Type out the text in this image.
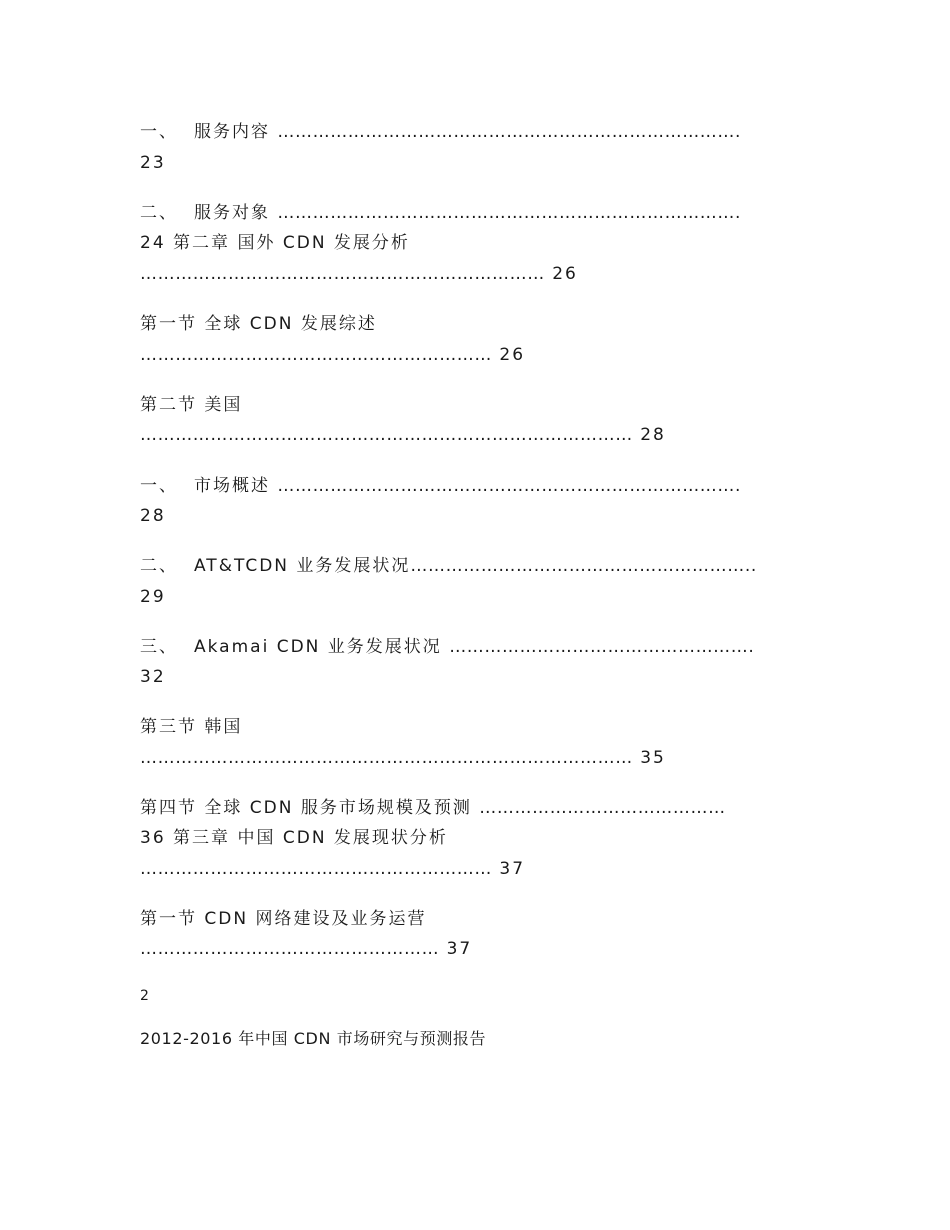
一、 服务内容 …………………………………………………………………….
23
二、 服务对象 …………………………………………………………………….
24 第二章 国外 CDN 发展分析
…………………………………………………………… 26
第一节 全球 CDN 发展综述
…………………………………………………… 26
第二节 美国
………………………………………………………………………… 28
一、 市场概述 …………………………………………………………………….
28
二、 AT&TCDN 业务发展状况…………………………………………………..
29
三、 Akamai CDN 业务发展状况 …………………………………………….
32
第三节 韩国
………………………………………………………………………… 35
第四节 全球 CDN 服务市场规模及预测 ……………………………………
36 第三章 中国 CDN 发展现状分析
…………………………………………………… 37
第一节 CDN 网络建设及业务运营
…………………………………………… 37
2
2012-2016 年中国 CDN 市场研究与预测报告
